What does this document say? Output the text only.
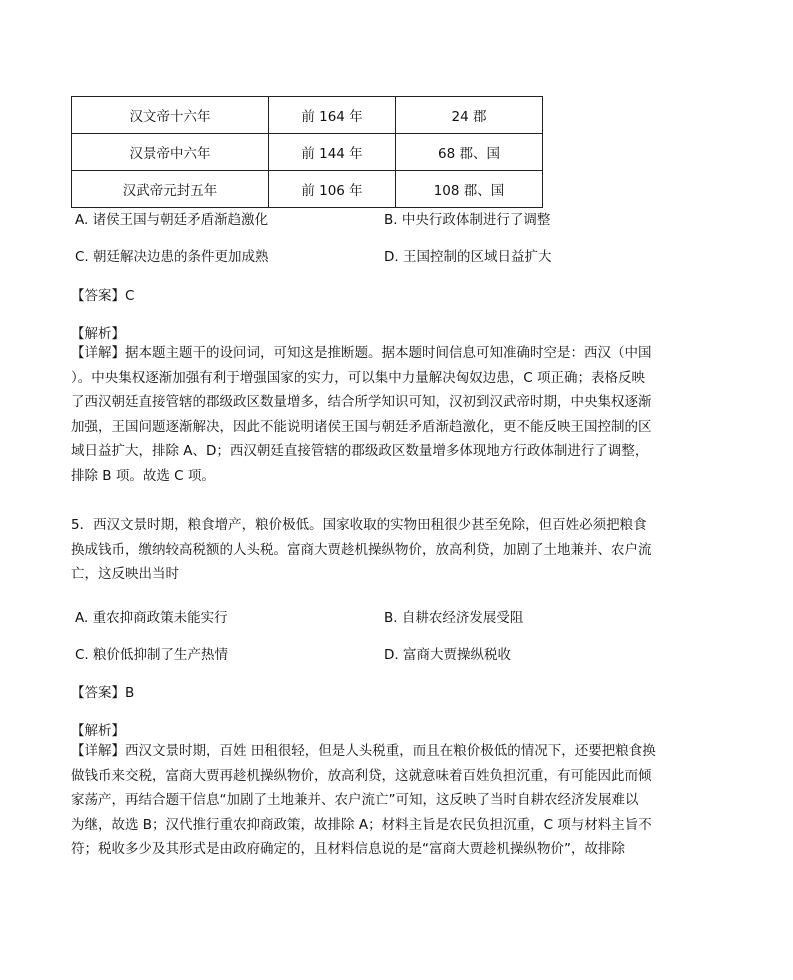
汉文帝十六年	前 164 年	24 郡
汉景帝中六年	前 144 年	68 郡、国
汉武帝元封五年	前 106 年	108 郡、国
A. 诸侯王国与朝廷矛盾渐趋激化	B. 中央行政体制进行了调整
C. 朝廷解决边患的条件更加成熟	D. 王国控制的区域日益扩大
【答案】C
【解析】
【详解】据本题主题干的设问词，可知这是推断题。据本题时间信息可知准确时空是：西汉（中国
）。中央集权逐渐加强有利于增强国家的实力，可以集中力量解决匈奴边患，C 项正确；表格反映
了西汉朝廷直接管辖的郡级政区数量增多，结合所学知识可知，汉初到汉武帝时期，中央集权逐渐
加强，王国问题逐渐解决，因此不能说明诸侯王国与朝廷矛盾渐趋激化，更不能反映王国控制的区
域日益扩大，排除 A、D；西汉朝廷直接管辖的郡级政区数量增多体现地方行政体制进行了调整，
排除 B 项。故选 C 项。
5．西汉文景时期，粮食增产，粮价极低。国家收取的实物田租很少甚至免除，但百姓必须把粮食
换成钱币，缴纳较高税额的人头税。富商大贾趁机操纵物价，放高利贷，加剧了土地兼并、农户流
亡，这反映出当时
A. 重农抑商政策未能实行	B. 自耕农经济发展受阻
C. 粮价低抑制了生产热情	D. 富商大贾操纵税收
【答案】B
【解析】
【详解】西汉文景时期，百姓 田租很轻，但是人头税重，而且在粮价极低的情况下，还要把粮食换
做钱币来交税，富商大贾再趁机操纵物价，放高利贷，这就意味着百姓负担沉重，有可能因此而倾
家荡产，再结合题干信息“加剧了土地兼并、农户流亡”可知，这反映了当时自耕农经济发展难以
为继，故选 B；汉代推行重农抑商政策，故排除 A；材料主旨是农民负担沉重，C 项与材料主旨不
符；税收多少及其形式是由政府确定的，且材料信息说的是“富商大贾趁机操纵物价”，故排除
